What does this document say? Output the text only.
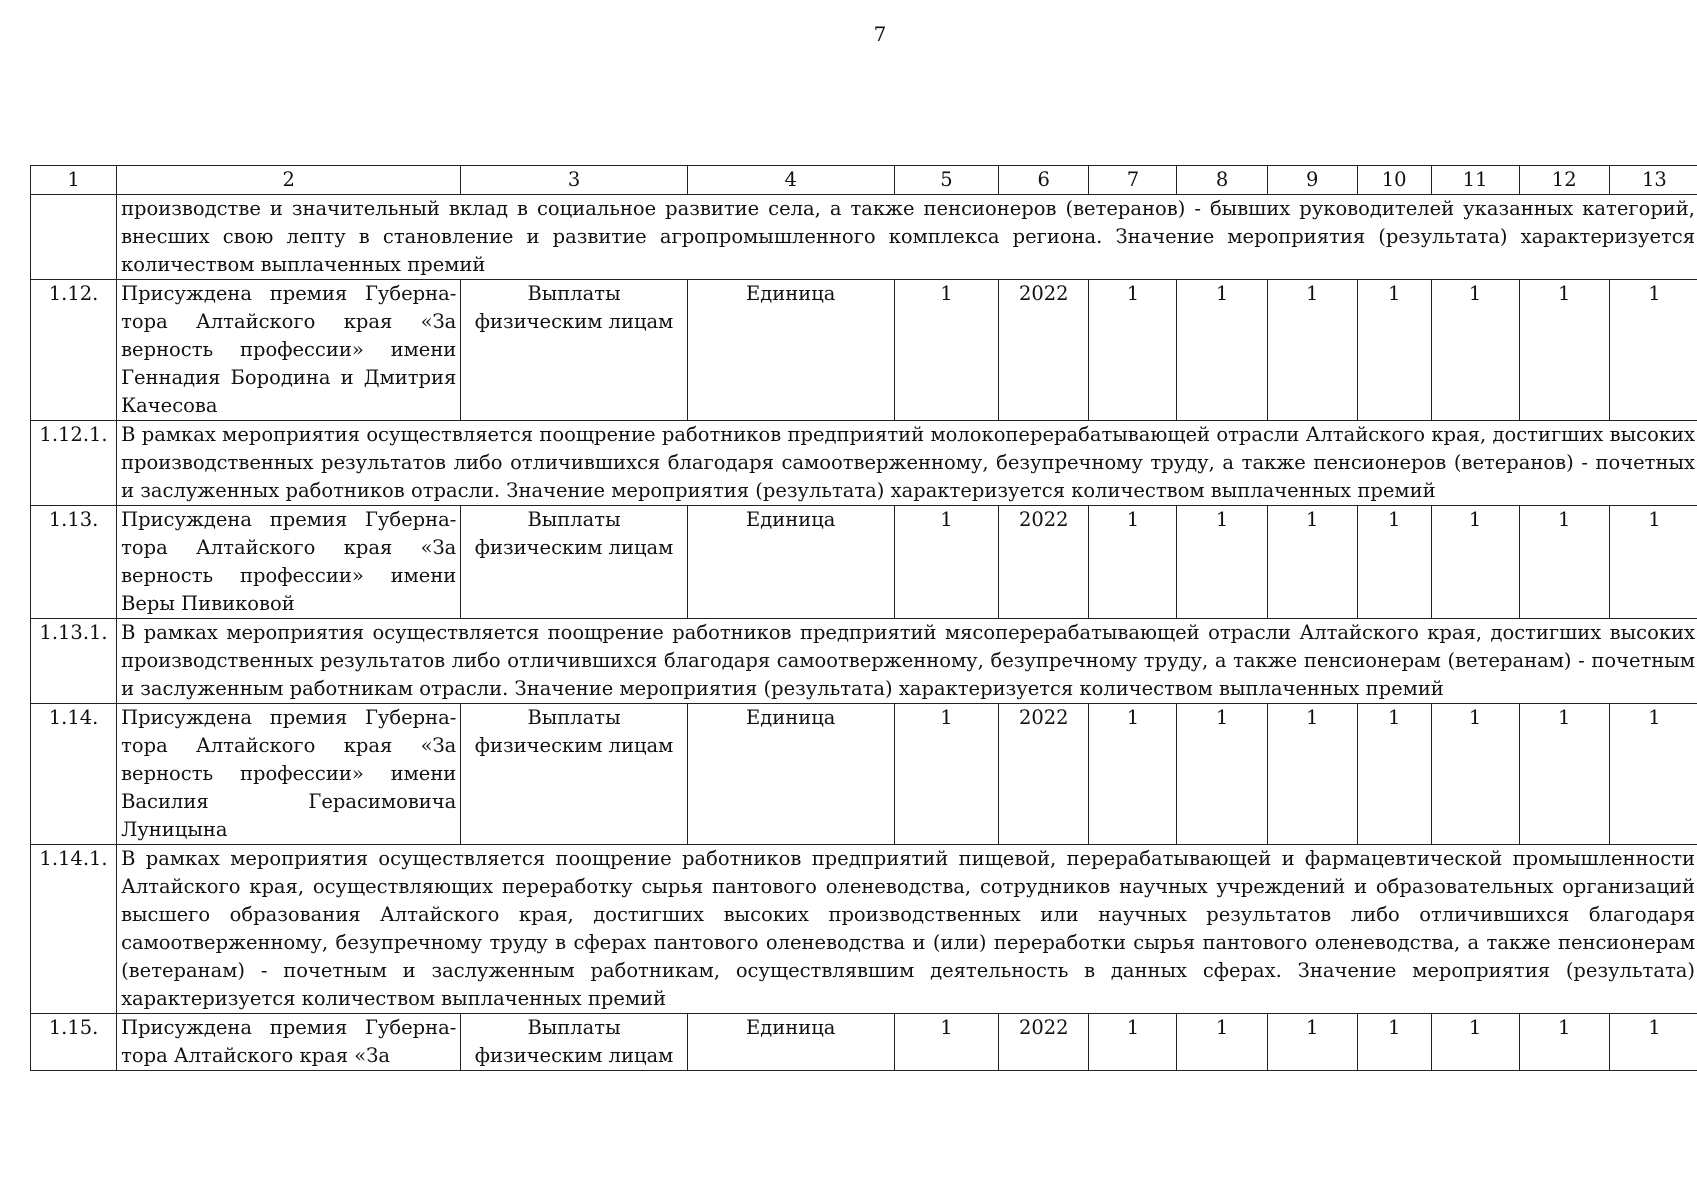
7
1	2	3	4	5	6	7	8	9	10	11	12	13
	производстве и значительный вклад в социальное развитие села, а также пенсионеров (ветеранов) - бывших руководителей указанных категорий, внесших свою лепту в становление и развитие агропромышленного комплекса региона. Значение мероприятия (результата) характеризуется количеством выплаченных премий											
1.12.	Присуждена премия Губерна-тора Алтайского края «За верность профессии» имени Геннадия Бородина и Дмитрия Качесова	Выплаты физическим лицам	Единица	1	2022	1	1	1	1	1	1	1
1.12.1.	В рамках мероприятия осуществляется поощрение работников предприятий молокоперерабатывающей отрасли Алтайского края, достигших высоких производственных результатов либо отличившихся благодаря самоотверженному, безупречному труду, а также пенсионеров (ветеранов) - почетных и заслуженных работников отрасли. Значение мероприятия (результата) характеризуется количеством выплаченных премий											
1.13.	Присуждена премия Губерна-тора Алтайского края «За верность профессии» имени Веры Пивиковой	Выплаты физическим лицам	Единица	1	2022	1	1	1	1	1	1	1
1.13.1.	В рамках мероприятия осуществляется поощрение работников предприятий мясоперерабатывающей отрасли Алтайского края, достигших высоких производственных результатов либо отличившихся благодаря самоотверженному, безупречному труду, а также пенсионерам (ветеранам) - почетным и заслуженным работникам отрасли. Значение мероприятия (результата) характеризуется количеством выплаченных премий											
1.14.	Присуждена премия Губерна-тора Алтайского края «За верность профессии» имени Василия Герасимовича Луницына	Выплаты физическим лицам	Единица	1	2022	1	1	1	1	1	1	1
1.14.1.	В рамках мероприятия осуществляется поощрение работников предприятий пищевой, перерабатывающей и фармацевтической промышленности Алтайского края, осуществляющих переработку сырья пантового оленеводства, сотрудников научных учреждений и образовательных организаций высшего образования Алтайского края, достигших высоких производственных или научных результатов либо отличившихся благодаря самоотверженному, безупречному труду в сферах пантового оленеводства и (или) переработки сырья пантового оленеводства, а также пенсионерам (ветеранам) - почетным и заслуженным работникам, осуществлявшим деятельность в данных сферах. Значение мероприятия (результата) характеризуется количеством выплаченных премий											
1.15.	Присуждена премия Губерна-тора Алтайского края «За	Выплаты физическим лицам	Единица	1	2022	1	1	1	1	1	1	1
